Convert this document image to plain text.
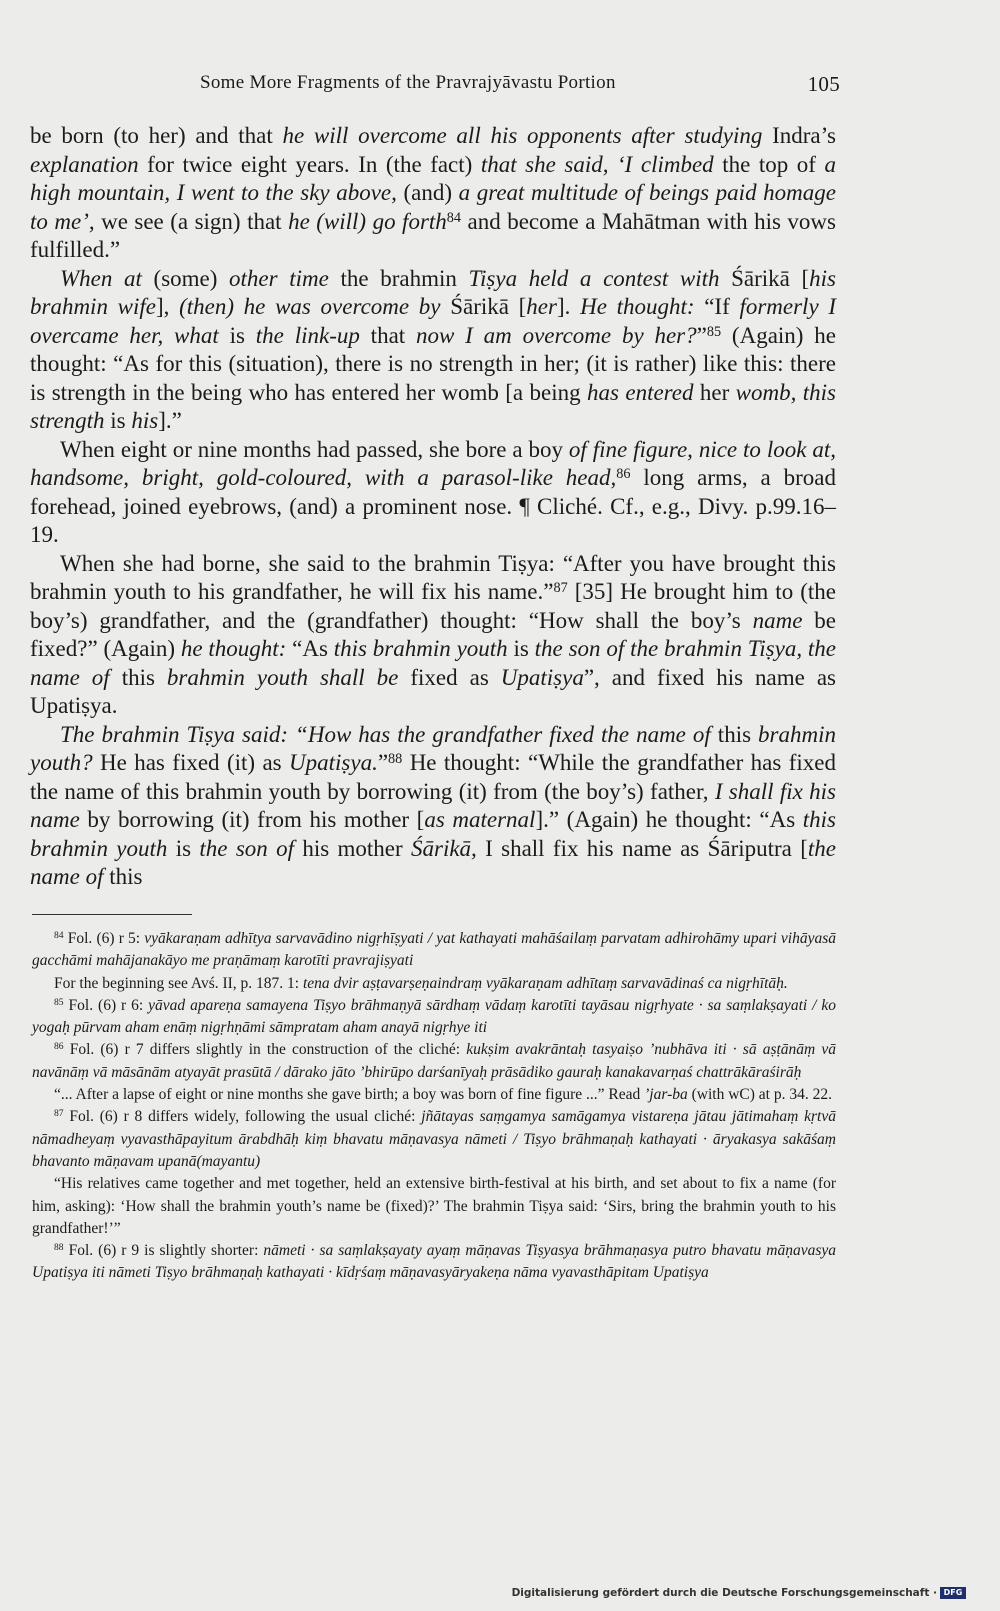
Some More Fragments of the Pravrajyāvastu Portion	105

be born (to her) and that he will overcome all his opponents after studying Indra’s explanation for twice eight years. In (the fact) that she said, ‘I climbed the top of a high mountain, I went to the sky above, (and) a great multitude of beings paid homage to me’, we see (a sign) that he (will) go forth$^{84}$ and become a Mahātman with his vows fulfilled.”

When at (some) other time the brahmin Tiṣya held a contest with Śārikā [his brahmin wife], (then) he was overcome by Śārikā [her]. He thought: “If formerly I overcame her, what is the link-up that now I am overcome by her?”$^{85}$ (Again) he thought: “As for this (situation), there is no strength in her; (it is rather) like this: there is strength in the being who has entered her womb [a being has entered her womb, this strength is his].”

When eight or nine months had passed, she bore a boy of fine figure, nice to look at, handsome, bright, gold-coloured, with a parasol-like head,$^{86}$ long arms, a broad forehead, joined eyebrows, (and) a prominent nose. ¶ Cliché. Cf., e.g., Divy. p.99.16–19.

When she had borne, she said to the brahmin Tiṣya: “After you have brought this brahmin youth to his grandfather, he will fix his name.”$^{87}$ [35] He brought him to (the boy’s) grandfather, and the (grandfather) thought: “How shall the boy’s name be fixed?” (Again) he thought: “As this brahmin youth is the son of the brahmin Tiṣya, the name of this brahmin youth shall be fixed as Upatiṣya”, and fixed his name as Upatiṣya.

The brahmin Tiṣya said: “How has the grandfather fixed the name of this brahmin youth? He has fixed (it) as Upatiṣya.”$^{88}$ He thought: “While the grandfather has fixed the name of this brahmin youth by borrowing (it) from (the boy’s) father, I shall fix his name by borrowing (it) from his mother [as maternal].” (Again) he thought: “As this brahmin youth is the son of his mother Śārikā, I shall fix his name as Śāriputra [the name of this

$^{84}$ Fol. (6) r 5: vyākaraṇam adhītya sarvavādino nigṛhīṣyati / yat kathayati mahāśailaṃ parvatam adhirohāmy upari vihāyasā gacchāmi mahājanakāyo me praṇāmaṃ karotīti pravrajiṣyati

For the beginning see Avś. II, p. 187. 1: tena dvir aṣṭavarṣeṇaindraṃ vyākaraṇam adhītaṃ sarvavādinaś ca nigṛhītāḥ.

$^{85}$ Fol. (6) r 6: yāvad apareṇa samayena Tiṣyo brāhmaṇyā sārdhaṃ vādaṃ karotīti tayāsau nigṛhyate · sa saṃlakṣayati / ko yogaḥ pūrvam aham enāṃ nigṛhṇāmi sāmpratam aham anayā nigṛhye iti

$^{86}$ Fol. (6) r 7 differs slightly in the construction of the cliché: kukṣim avakrāntaḥ tasyaiṣo ’nubhāva iti · sā aṣṭānāṃ vā navānāṃ vā māsānām atyayāt prasūtā / dārako jāto ’bhirūpo darśanīyaḥ prāsādiko gauraḥ kanakavarṇaś chattrākāraśirāḥ

“... After a lapse of eight or nine months she gave birth; a boy was born of fine figure ...” Read ’jar-ba (with wC) at p. 34. 22.

$^{87}$ Fol. (6) r 8 differs widely, following the usual cliché: jñātayas saṃgamya samāgamya vistareṇa jātau jātimahaṃ kṛtvā nāmadheyaṃ vyavasthāpayitum ārabdhāḥ kiṃ bhavatu māṇavasya nāmeti / Tiṣyo brāhmaṇaḥ kathayati · āryakasya sakāśaṃ bhavanto māṇavam upanā(mayantu)

“His relatives came together and met together, held an extensive birth-festival at his birth, and set about to fix a name (for him, asking): ‘How shall the brahmin youth’s name be (fixed)?’ The brahmin Tiṣya said: ‘Sirs, bring the brahmin youth to his grandfather!’”

$^{88}$ Fol. (6) r 9 is slightly shorter: nāmeti · sa saṃlakṣayaty ayaṃ māṇavas Tiṣyasya brāhmaṇasya putro bhavatu māṇavasya Upatiṣya iti nāmeti Tiṣyo brāhmaṇaḥ kathayati · kīdṛśaṃ māṇavasyāryakeṇa nāma vyavasthāpitam Upatiṣya

Digitalisierung gefördert durch die Deutsche Forschungsgemeinschaft · DFG
